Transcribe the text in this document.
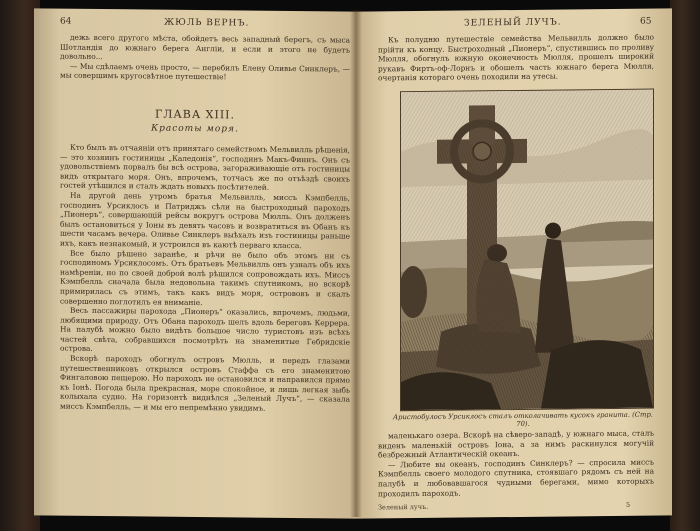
64	ЖЮЛЬ ВЕРНЪ.

дежь всего другого мѣста, обойдетъ весь западный берегъ, съ мыса Шотландія до южнаго берега Англіи, и если и этого не будетъ довольно...

— Мы сдѣлаемъ очень просто, — перебилъ Елену Оливье Синклеръ, — мы совершимъ кругосвѣтное путешествіе!

ГЛАВА XIII.
Красоты моря.

Кто былъ въ отчаяніи отъ принятаго семействомъ Мельвилль рѣшенія, — это хозяинъ гостиницы „Каледонія“, господинъ Макъ-Финнъ. Онъ съ удовольствіемъ порвалъ бы всѣ острова, загораживающіе отъ гостиницы видъ открытаго моря. Онъ, впрочемъ, тотчасъ же по отъѣздѣ своихъ гостей утѣшился и сталъ ждать новыхъ посѣтителей.

На другой день утромъ братья Мельвилль, миссъ Кэмпбелль, господинъ Урсиклосъ и Патриджъ сѣли на быстроходный пароходъ „Пионеръ“, совершающій рейсы вокругъ острова Мюлль. Онъ долженъ былъ остановиться у Іоны въ девять часовъ и возвратиться въ Обанъ къ шести часамъ вечера. Оливье Синклеръ выѣхалъ изъ гостиницы раньше ихъ, какъ незнакомый, и устроился въ каютѣ перваго класса.

Все было рѣшено заранѣе, и рѣчи не было объ этомъ ни съ господиномъ Урсиклосомъ. Отъ братьевъ Мельвилль онъ узналъ объ ихъ намѣреніи, но по своей доброй волѣ рѣшился сопровождать ихъ. Миссъ Кэмпбелль сначала была недовольна такимъ спутникомъ, но вскорѣ примирилась съ этимъ, такъ какъ видъ моря, острововъ и скалъ совершенно поглотилъ ея вниманіе.

Весь пассажиры парохода „Пионеръ“ оказались, впрочемъ, людьми, любящими природу. Отъ Обана пароходъ шелъ вдоль береговъ Керрера. На палубѣ можно было видѣть большое число туристовъ изъ всѣхъ частей свѣта, собравшихся посмотрѣть на знаменитые Гебридскіе острова.

Вскорѣ пароходъ обогнулъ островъ Мюлль, и передъ глазами путешественниковъ открылся островъ Стаффа съ его знаменитою Фингаловою пещерою. Но пароходъ не остановился и направился прямо къ Іонѣ. Погода была прекрасная, море спокойное, и лишь легкая зыбь колыхала судно. На горизонтѣ виднѣлся „Зеленый Лучъ“, — сказала миссъ Кэмпбелль, — и мы его непремѣнно увидимъ.

ЗЕЛЕНЫЙ ЛУЧЪ.	65

Къ полудню путешествіе семейства Мельвилль должно было прійти къ концу. Быстроходный „Пионеръ“, спустившись по проливу Мюлля, обогнулъ южную оконечность Мюлля, прошелъ широкий рукавъ Фиртъ-оф-Лорнъ и обошелъ часть южнаго берега Мюлля, очертанія котораго очень походили на утесы.

Аристобулосъ Урсиклосъ сталъ отколачивать кусокъ гранита. (Стр. 70).

маленькаго озера. Вскорѣ на сѣверо-западѣ, у южнаго мыса, сталъ виденъ маленькій островъ Іона, а за нимъ раскинулся могучій безбрежный Атлантическій океанъ.

— Любите вы океанъ, господинъ Синклеръ? — спросила миссъ Кэмпбелль своего молодого спутника, стоявшаго рядомъ съ ней на палубѣ и любовавшагося чудными берегами, мимо которыхъ проходилъ пароходъ.

Зеленый лучъ.	5
